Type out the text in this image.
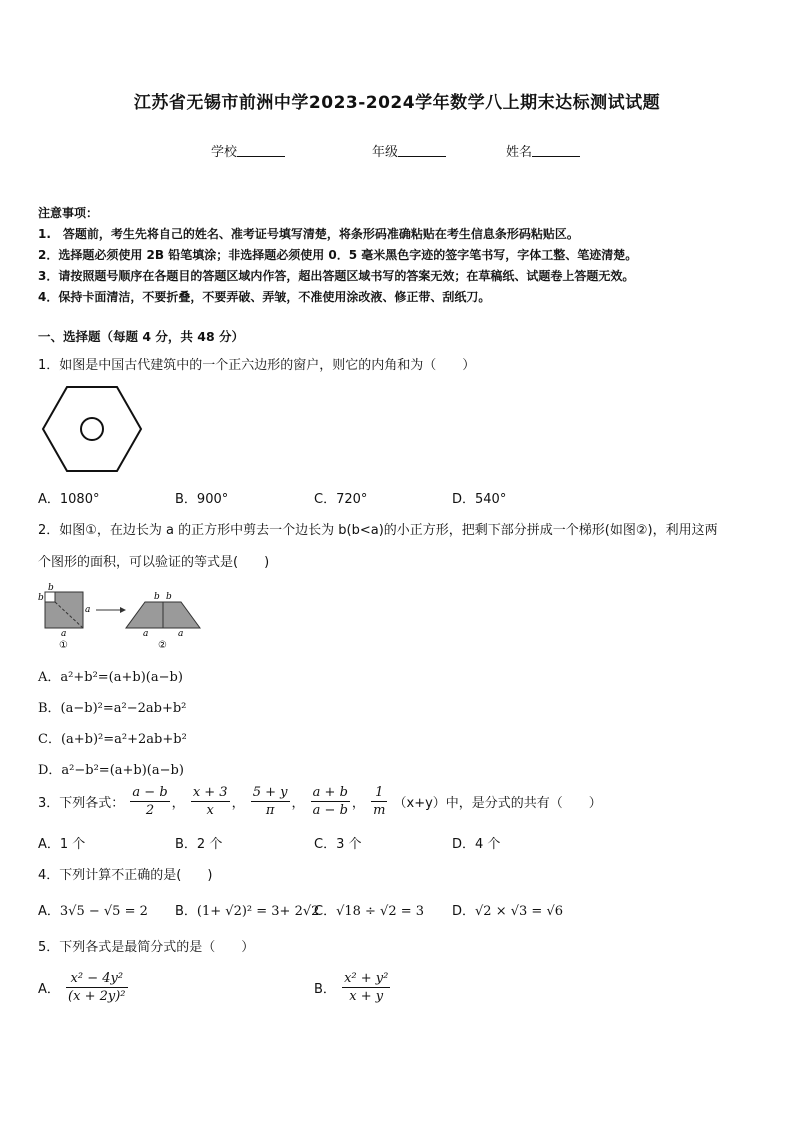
江苏省无锡市前洲中学2023-2024学年数学八上期末达标测试试题
学校	年级	姓名
注意事项：
1.　答题前，考生先将自己的姓名、准考证号填写清楚，将条形码准确粘贴在考生信息条形码粘贴区。
2．选择题必须使用 2B 铅笔填涂；非选择题必须使用 0．5 毫米黑色字迹的签字笔书写，字体工整、笔迹清楚。
3．请按照题号顺序在各题目的答题区域内作答，超出答题区域书写的答案无效；在草稿纸、试题卷上答题无效。
4．保持卡面清洁，不要折叠，不要弄破、弄皱，不准使用涂改液、修正带、刮纸刀。
一、选择题（每题 4 分，共 48 分）
1．如图是中国古代建筑中的一个正六边形的窗户，则它的内角和为（　　）
A．1080°	B．900°	C．720°	D．540°
2．如图①，在边长为 a 的正方形中剪去一个边长为 b(b<a)的小正方形，把剩下部分拼成一个梯形(如图②)，利用这两
个图形的面积，可以验证的等式是(　　)
b
b
a
a
①
b b
a	a
②
A．a²+b²=(a+b)(a−b)
B．(a−b)²=a²−2ab+b²
C．(a+b)²=a²+2ab+b²
D．a²−b²=(a+b)(a−b)
3．下列各式： $\frac{a - b}{2}$ ， $\frac{x + 3}{x}$ ， $\frac{5 + y}{\pi}$ ， $\frac{a + b}{a - b}$ ， $\frac{1}{m} (x+y)$中，是分式的共有（　　）
A．1 个	B．2 个	C．3 个	D．4 个
4．下列计算不正确的是(　　)
A．3√5 − √5 = 2 B．(1+ √2)² = 3+ 2√2
C．√18 ÷ √2 = 3 D．√2 × √3 = √6
5．下列各式是最简分式的是（　　）
A． $\frac{\text{x² − 4y²}}{\text{(x + 2y)²}}$	B． $\frac{\text{x² + y²}}{x + y}$
